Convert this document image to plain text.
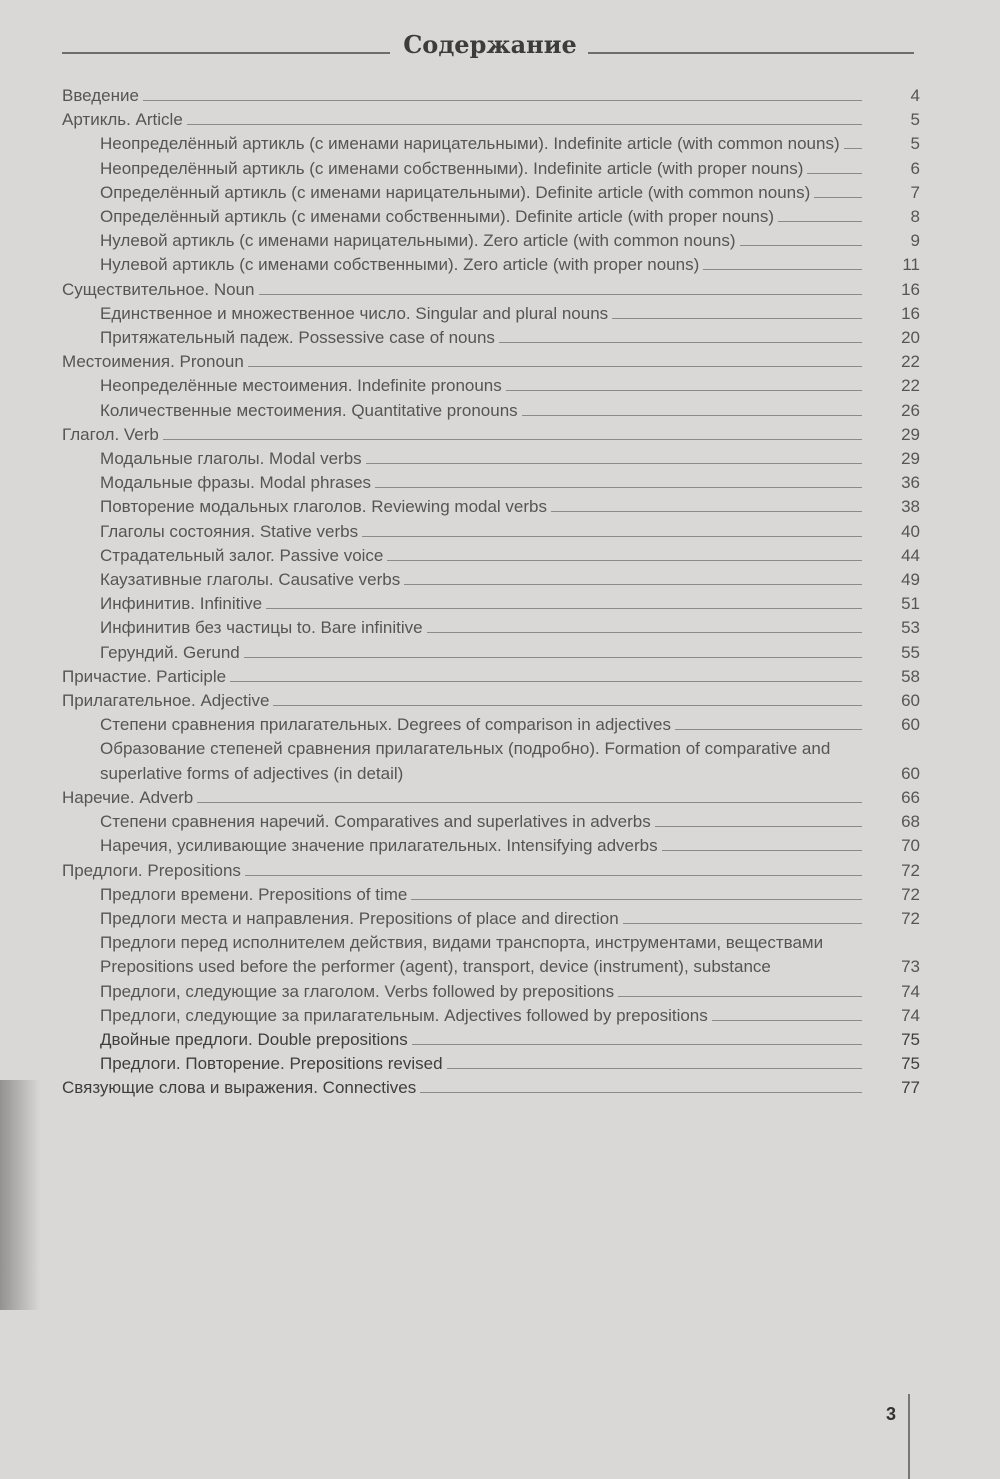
Содержание
Введение	4
Артикль. Article	5
Неопределённый артикль (с именами нарицательными). Indefinite article (with common nouns)	5
Неопределённый артикль (с именами собственными). Indefinite article (with proper nouns)	6
Определённый артикль (с именами нарицательными). Definite article (with common nouns)	7
Определённый артикль (с именами собственными). Definite article (with proper nouns)	8
Нулевой артикль (с именами нарицательными). Zero article (with common nouns)	9
Нулевой артикль (с именами собственными). Zero article (with proper nouns)	11
Существительное. Noun	16
Единственное и множественное число. Singular and plural nouns	16
Притяжательный падеж. Possessive case of nouns	20
Местоимения. Pronoun	22
Неопределённые местоимения. Indefinite pronouns	22
Количественные местоимения. Quantitative pronouns	26
Глагол. Verb	29
Модальные глаголы. Modal verbs	29
Модальные фразы. Modal phrases	36
Повторение модальных глаголов. Reviewing modal verbs	38
Глаголы состояния. Stative verbs	40
Страдательный залог. Passive voice	44
Каузативные глаголы. Causative verbs	49
Инфинитив. Infinitive	51
Инфинитив без частицы to. Bare infinitive	53
Герундий. Gerund	55
Причастие. Participle	58
Прилагательное. Adjective	60
Степени сравнения прилагательных. Degrees of comparison in adjectives	60
Образование степеней сравнения прилагательных (подробно). Formation of comparative and superlative forms of adjectives (in detail)	60
Наречие. Adverb	66
Степени сравнения наречий. Comparatives and superlatives in adverbs	68
Наречия, усиливающие значение прилагательных. Intensifying adverbs	70
Предлоги. Prepositions	72
Предлоги времени. Prepositions of time	72
Предлоги места и направления. Prepositions of place and direction	72
Предлоги перед исполнителем действия, видами транспорта, инструментами, веществами Prepositions used before the performer (agent), transport, device (instrument), substance	73
Предлоги, следующие за глаголом. Verbs followed by prepositions	74
Предлоги, следующие за прилагательным. Adjectives followed by prepositions	74
Двойные предлоги. Double prepositions	75
Предлоги. Повторение. Prepositions revised	75
Связующие слова и выражения. Connectives	77
3
